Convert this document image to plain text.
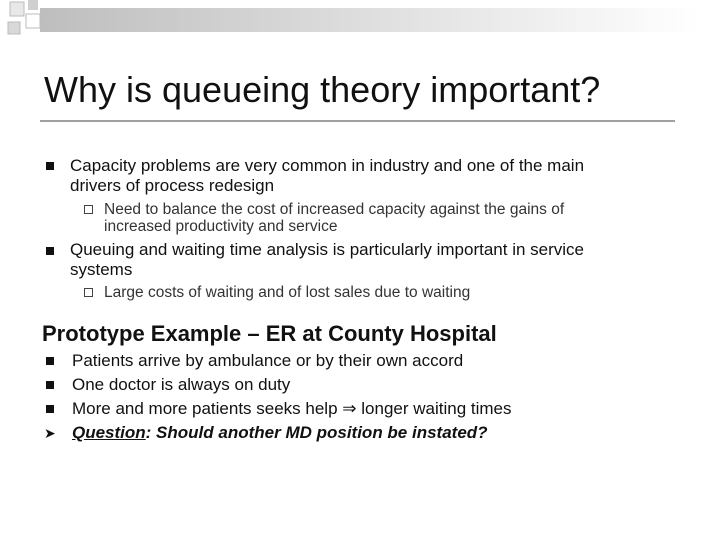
Why is queueing theory important?
Capacity problems are very common in industry and one of the main
drivers of process redesign
Need to balance the cost of increased capacity against the gains of
increased productivity and service
Queuing and waiting time analysis is particularly important in service
systems
Large costs of waiting and of lost sales due to waiting
Prototype Example – ER at County Hospital
Patients arrive by ambulance or by their own accord
One doctor is always on duty
More and more patients seeks help ⇒ longer waiting times
➤ Question: Should another MD position be instated?
